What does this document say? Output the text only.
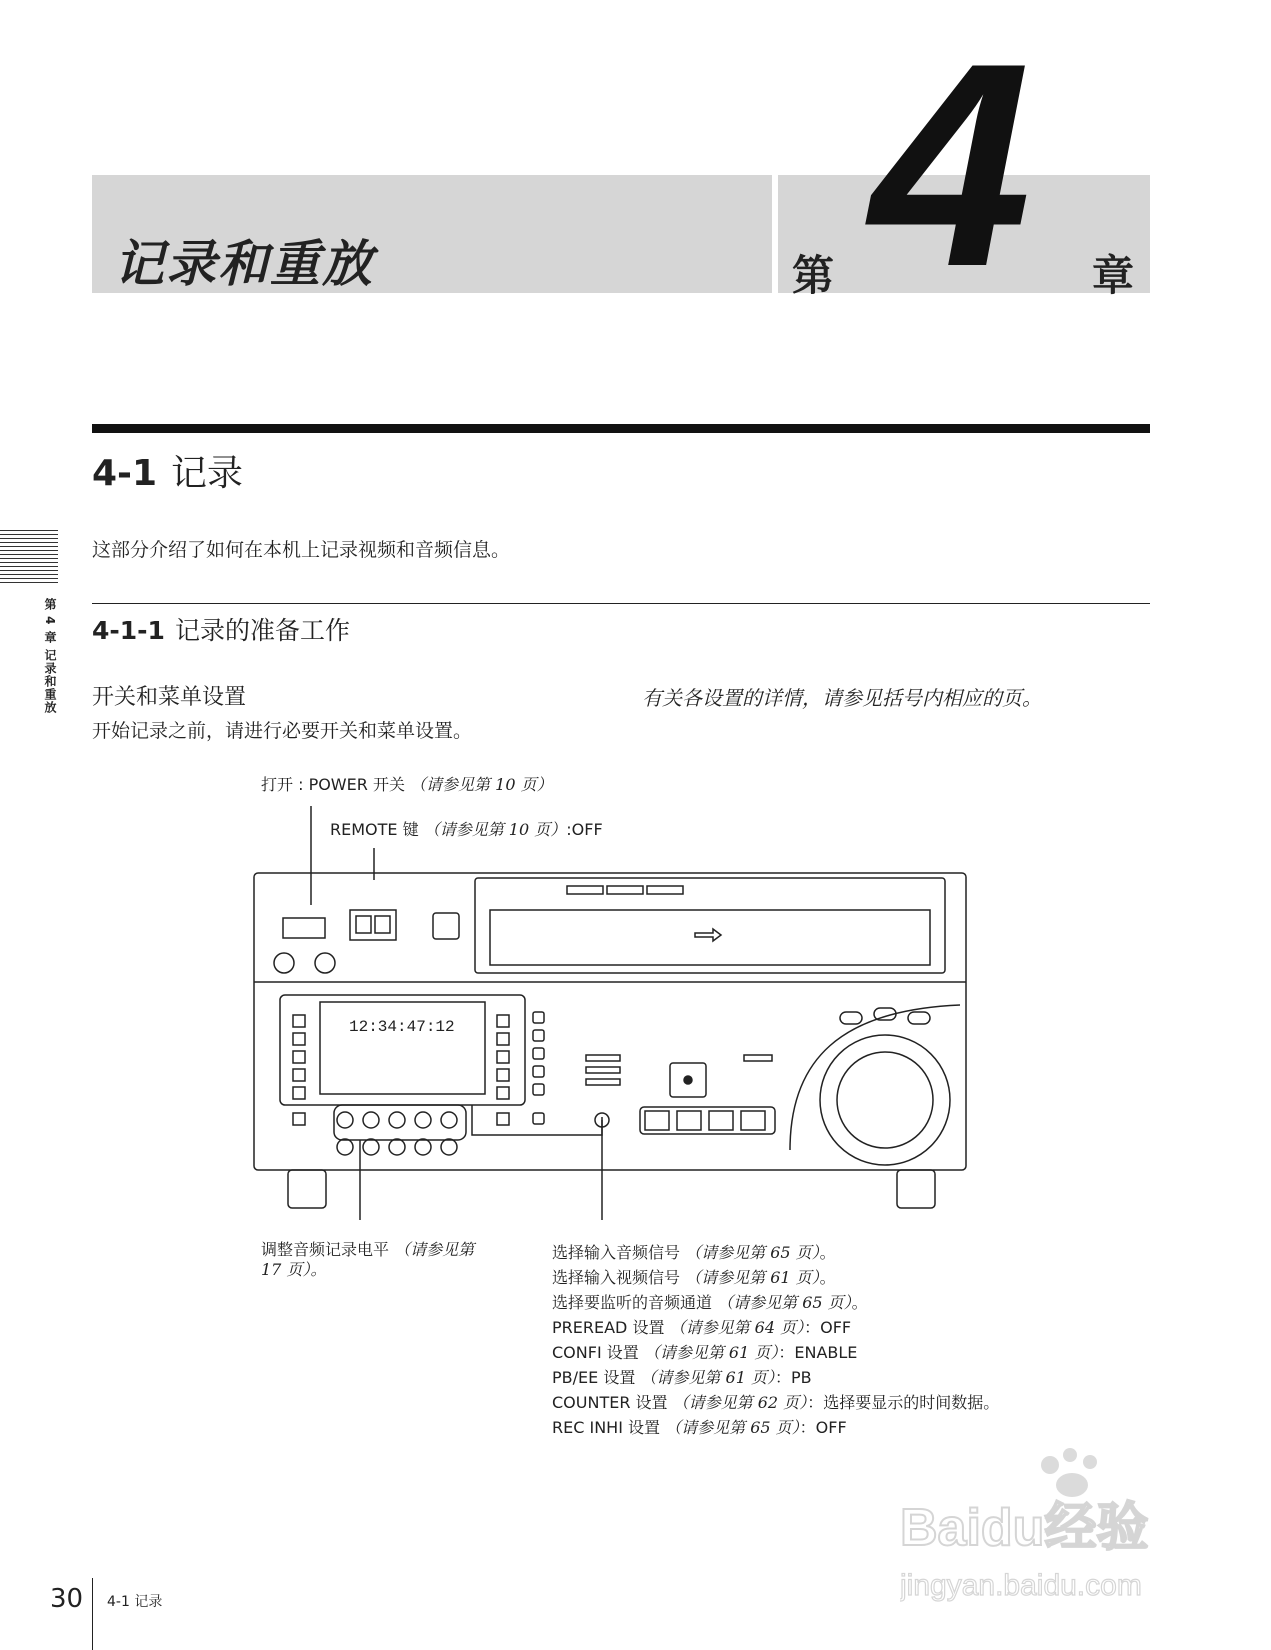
记录和重放	第 4 章
4-1 记录
这部分介绍了如何在本机上记录视频和音频信息。
4-1-1 记录的准备工作
开关和菜单设置	有关各设置的详情，请参见括号内相应的页。
开始记录之前，请进行必要开关和菜单设置。
第 4 章 记录和重放
打开 : POWER 开关 （请参见第 10 页）
REMOTE 键 （请参见第 10 页）:OFF
12:34:47:12
调整音频记录电平 （请参见第
17 页）。
选择输入音频信号 （请参见第 65 页）。
选择输入视频信号 （请参见第 61 页）。
选择要监听的音频通道 （请参见第 65 页）。
PREREAD 设置 （请参见第 64 页）：OFF
CONFI 设置 （请参见第 61 页）：ENABLE
PB/EE 设置 （请参见第 61 页）：PB
COUNTER 设置 （请参见第 62 页）：选择要显示的时间数据。
REC INHI 设置 （请参见第 65 页）：OFF
Baidu经验
jingyan.baidu.com
30 4-1 记录
